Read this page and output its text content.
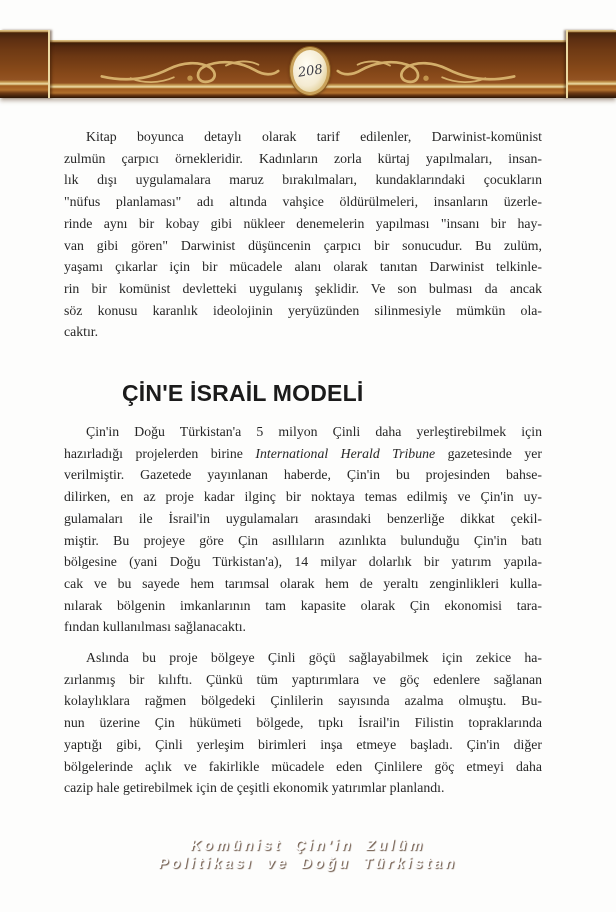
208
Kitap boyunca detaylı olarak tarif edilenler, Darwinist-komünist
zulmün çarpıcı örnekleridir. Kadınların zorla kürtaj yapılmaları, insan-
lık dışı uygulamalara maruz bırakılmaları, kundaklarındaki çocukların
"nüfus planlaması" adı altında vahşice öldürülmeleri, insanların üzerle-
rinde aynı bir kobay gibi nükleer denemelerin yapılması "insanı bir hay-
van gibi gören" Darwinist düşüncenin çarpıcı bir sonucudur. Bu zulüm,
yaşamı çıkarlar için bir mücadele alanı olarak tanıtan Darwinist telkinle-
rin bir komünist devletteki uygulanış şeklidir. Ve son bulması da ancak
söz konusu karanlık ideolojinin yeryüzünden silinmesiyle mümkün ola-
caktır.
ÇİN'E İSRAİL MODELİ
Çin'in Doğu Türkistan'a 5 milyon Çinli daha yerleştirebilmek için
hazırladığı projelerden birine International Herald Tribune gazetesinde yer
verilmiştir. Gazetede yayınlanan haberde, Çin'in bu projesinden bahse-
dilirken, en az proje kadar ilginç bir noktaya temas edilmiş ve Çin'in uy-
gulamaları ile İsrail'in uygulamaları arasındaki benzerliğe dikkat çekil-
miştir. Bu projeye göre Çin asıllıların azınlıkta bulunduğu Çin'in batı
bölgesine (yani Doğu Türkistan'a), 14 milyar dolarlık bir yatırım yapıla-
cak ve bu sayede hem tarımsal olarak hem de yeraltı zenginlikleri kulla-
nılarak bölgenin imkanlarının tam kapasite olarak Çin ekonomisi tara-
fından kullanılması sağlanacaktı.
Aslında bu proje bölgeye Çinli göçü sağlayabilmek için zekice ha-
zırlanmış bir kılıftı. Çünkü tüm yaptırımlara ve göç edenlere sağlanan
kolaylıklara rağmen bölgedeki Çinlilerin sayısında azalma olmuştu. Bu-
nun üzerine Çin hükümeti bölgede, tıpkı İsrail'in Filistin topraklarında
yaptığı gibi, Çinli yerleşim birimleri inşa etmeye başladı. Çin'in diğer
bölgelerinde açlık ve fakirlikle mücadele eden Çinlilere göç etmeyi daha
cazip hale getirebilmek için de çeşitli ekonomik yatırımlar planlandı.
Komünist Çin'in Zulüm
Politikası ve Doğu Türkistan
